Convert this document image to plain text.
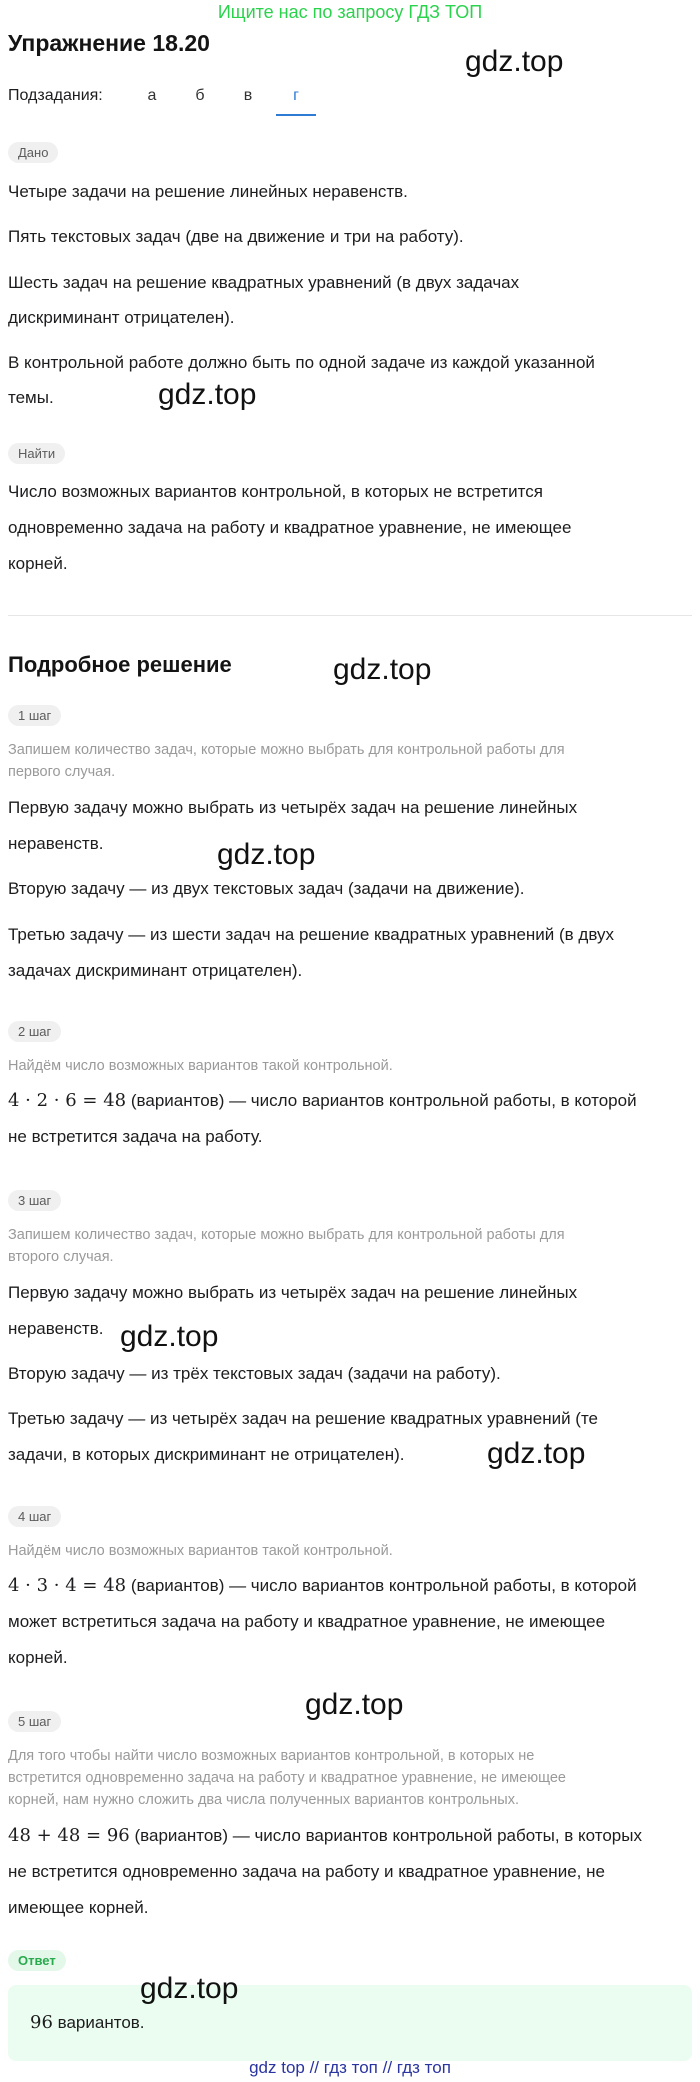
Ищите нас по запросу ГДЗ ТОП
Упражнение 18.20
gdz.top
Подзадания:	а	б	в	г
Дано
Четыре задачи на решение линейных неравенств.
Пять текстовых задач (две на движение и три на работу).
Шесть задач на решение квадратных уравнений (в двух задачах
дискриминант отрицателен).
В контрольной работе должно быть по одной задаче из каждой указанной
темы.	gdz.top
Найти
Число возможных вариантов контрольной, в которых не встретится
одновременно задача на работу и квадратное уравнение, не имеющее
корней.
Подробное решение	gdz.top
1 шаг
Запишем количество задач, которые можно выбрать для контрольной работы для
первого случая.
Первую задачу можно выбрать из четырёх задач на решение линейных
неравенств.	gdz.top
Вторую задачу — из двух текстовых задач (задачи на движение).
Третью задачу — из шести задач на решение квадратных уравнений (в двух
задачах дискриминант отрицателен).
2 шаг
Найдём число возможных вариантов такой контрольной.
4 · 2 · 6 = 48 (вариантов) — число вариантов контрольной работы, в которой
не встретится задача на работу.
3 шаг
Запишем количество задач, которые можно выбрать для контрольной работы для
второго случая.
Первую задачу можно выбрать из четырёх задач на решение линейных
неравенств. gdz.top
Вторую задачу — из трёх текстовых задач (задачи на работу).
Третью задачу — из четырёх задач на решение квадратных уравнений (те
задачи, в которых дискриминант не отрицателен).	gdz.top
4 шаг
Найдём число возможных вариантов такой контрольной.
4 · 3 · 4 = 48 (вариантов) — число вариантов контрольной работы, в которой
может встретиться задача на работу и квадратное уравнение, не имеющее
корней.
gdz.top
5 шаг
Для того чтобы найти число возможных вариантов контрольной, в которых не
встретится одновременно задача на работу и квадратное уравнение, не имеющее
корней, нам нужно сложить два числа полученных вариантов контрольных.
48 + 48 = 96 (вариантов) — число вариантов контрольной работы, в которых
не встретится одновременно задача на работу и квадратное уравнение, не
имеющее корней.
Ответ
gdz.top
96 вариантов.
gdz top // гдз топ // гдз топ
